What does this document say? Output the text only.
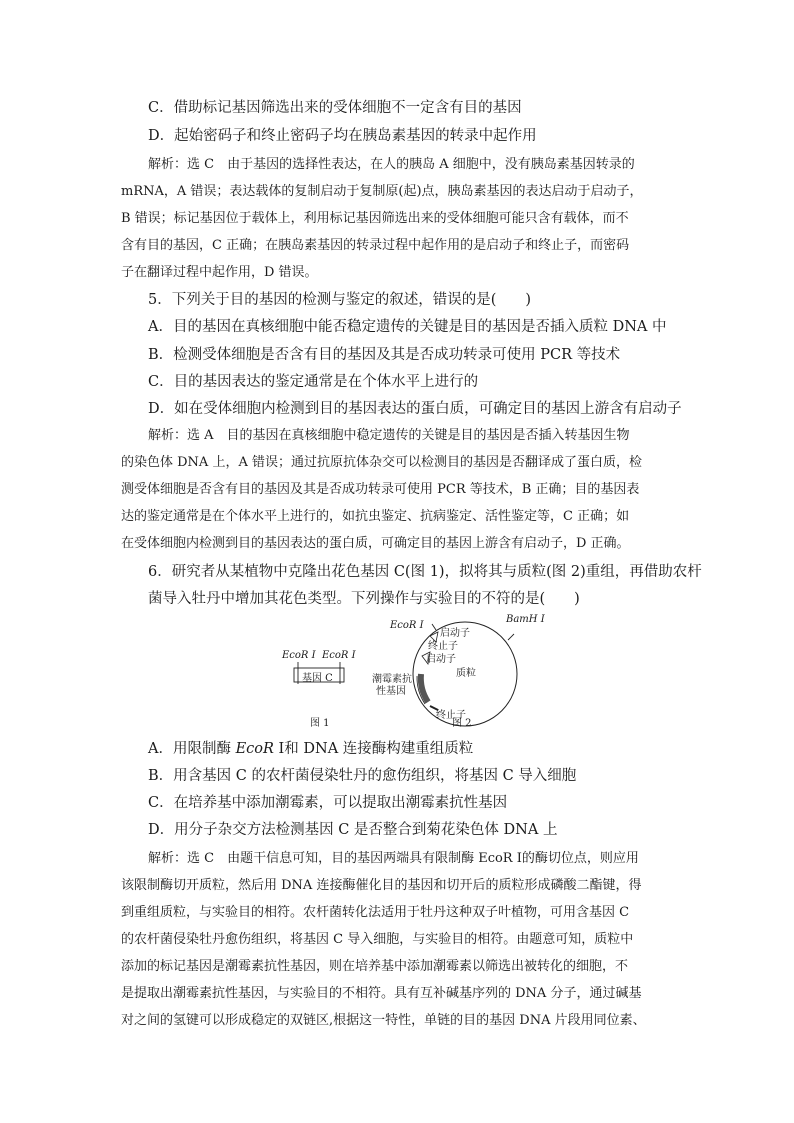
C．借助标记基因筛选出来的受体细胞不一定含有目的基因
D．起始密码子和终止密码子均在胰岛素基因的转录中起作用
解析：选 C　由于基因的选择性表达，在人的胰岛 A 细胞中，没有胰岛素基因转录的
mRNA，A 错误；表达载体的复制启动于复制原(起)点，胰岛素基因的表达启动于启动子，
B 错误；标记基因位于载体上，利用标记基因筛选出来的受体细胞可能只含有载体，而不
含有目的基因，C 正确；在胰岛素基因的转录过程中起作用的是启动子和终止子，而密码
子在翻译过程中起作用，D 错误。
5．下列关于目的基因的检测与鉴定的叙述，错误的是(　　)
A．目的基因在真核细胞中能否稳定遗传的关键是目的基因是否插入质粒 DNA 中
B．检测受体细胞是否含有目的基因及其是否成功转录可使用 PCR 等技术
C．目的基因表达的鉴定通常是在个体水平上进行的
D．如在受体细胞内检测到目的基因表达的蛋白质，可确定目的基因上游含有启动子
解析：选 A　目的基因在真核细胞中稳定遗传的关键是目的基因是否插入转基因生物
的染色体 DNA 上，A 错误；通过抗原抗体杂交可以检测目的基因是否翻译成了蛋白质，检
测受体细胞是否含有目的基因及其是否成功转录可使用 PCR 等技术，B 正确；目的基因表
达的鉴定通常是在个体水平上进行的，如抗虫鉴定、抗病鉴定、活性鉴定等，C 正确；如
在受体细胞内检测到目的基因表达的蛋白质，可确定目的基因上游含有启动子，D 正确。
6．研究者从某植物中克隆出花色基因 C(图 1)，拟将其与质粒(图 2)重组，再借助农杆
菌导入牡丹中增加其花色类型。下列操作与实验目的不符的是(　　)
EcoR Ⅰ EcoR Ⅰ
基因 C
图 1
EcoR Ⅰ
BamH Ⅰ
启动子
终止子
启动子
质粒
潮霉素抗
性基因
终止子
图 2
A．用限制酶 EcoR Ⅰ和 DNA 连接酶构建重组质粒
B．用含基因 C 的农杆菌侵染牡丹的愈伤组织，将基因 C 导入细胞
C．在培养基中添加潮霉素，可以提取出潮霉素抗性基因
D．用分子杂交方法检测基因 C 是否整合到菊花染色体 DNA 上
解析：选 C　由题干信息可知，目的基因两端具有限制酶 EcoR Ⅰ的酶切位点，则应用
该限制酶切开质粒，然后用 DNA 连接酶催化目的基因和切开后的质粒形成磷酸二酯键，得
到重组质粒，与实验目的相符。农杆菌转化法适用于牡丹这种双子叶植物，可用含基因 C
的农杆菌侵染牡丹愈伤组织，将基因 C 导入细胞，与实验目的相符。由题意可知，质粒中
添加的标记基因是潮霉素抗性基因，则在培养基中添加潮霉素以筛选出被转化的细胞，不
是提取出潮霉素抗性基因，与实验目的不相符。具有互补碱基序列的 DNA 分子，通过碱基
对之间的氢键可以形成稳定的双链区,根据这一特性，单链的目的基因 DNA 片段用同位素、
